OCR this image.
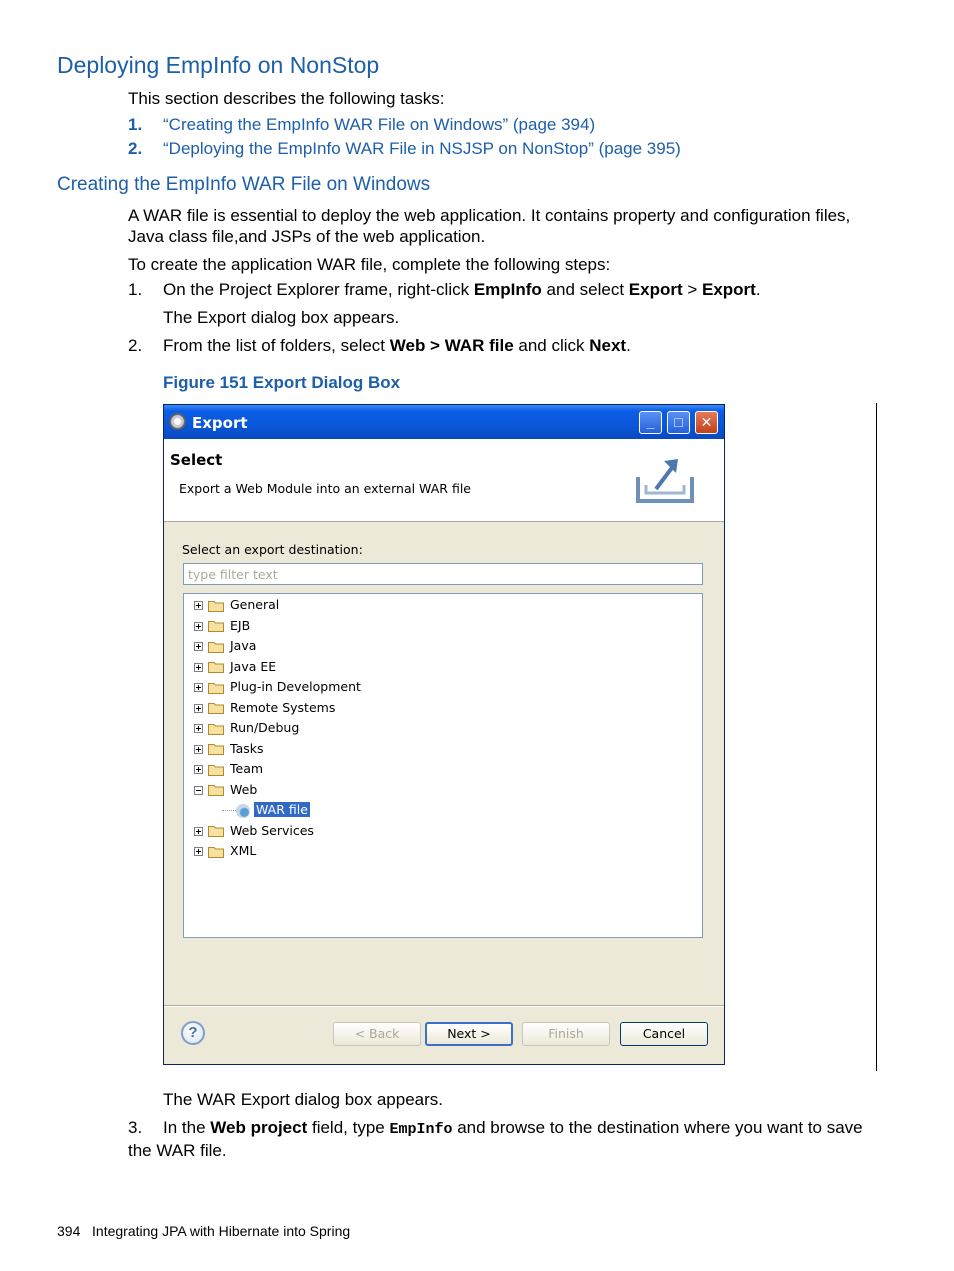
Deploying EmpInfo on NonStop
This section describes the following tasks:
1. “Creating the EmpInfo WAR File on Windows” (page 394)
2. “Deploying the EmpInfo WAR File in NSJSP on NonStop” (page 395)
Creating the EmpInfo WAR File on Windows
A WAR file is essential to deploy the web application. It contains property and configuration files, Java class file,and JSPs of the web application.
To create the application WAR file, complete the following steps:
1. On the Project Explorer frame, right-click EmpInfo and select Export > Export.
The Export dialog box appears.
2. From the list of folders, select Web > WAR file and click Next.
Figure 151 Export Dialog Box
Export	_	□	✕
Select
Export a Web Module into an external WAR file
Select an export destination:
type filter text
General
EJB
Java
Java EE
Plug-in Development
Remote Systems
Run/Debug
Tasks
Team
Web
WAR file
Web Services
XML
?	< Back	Next >	Finish	Cancel
The WAR Export dialog box appears.
3. In the Web project field, type EmpInfo and browse to the destination where you want to save the WAR file.
394 Integrating JPA with Hibernate into Spring
